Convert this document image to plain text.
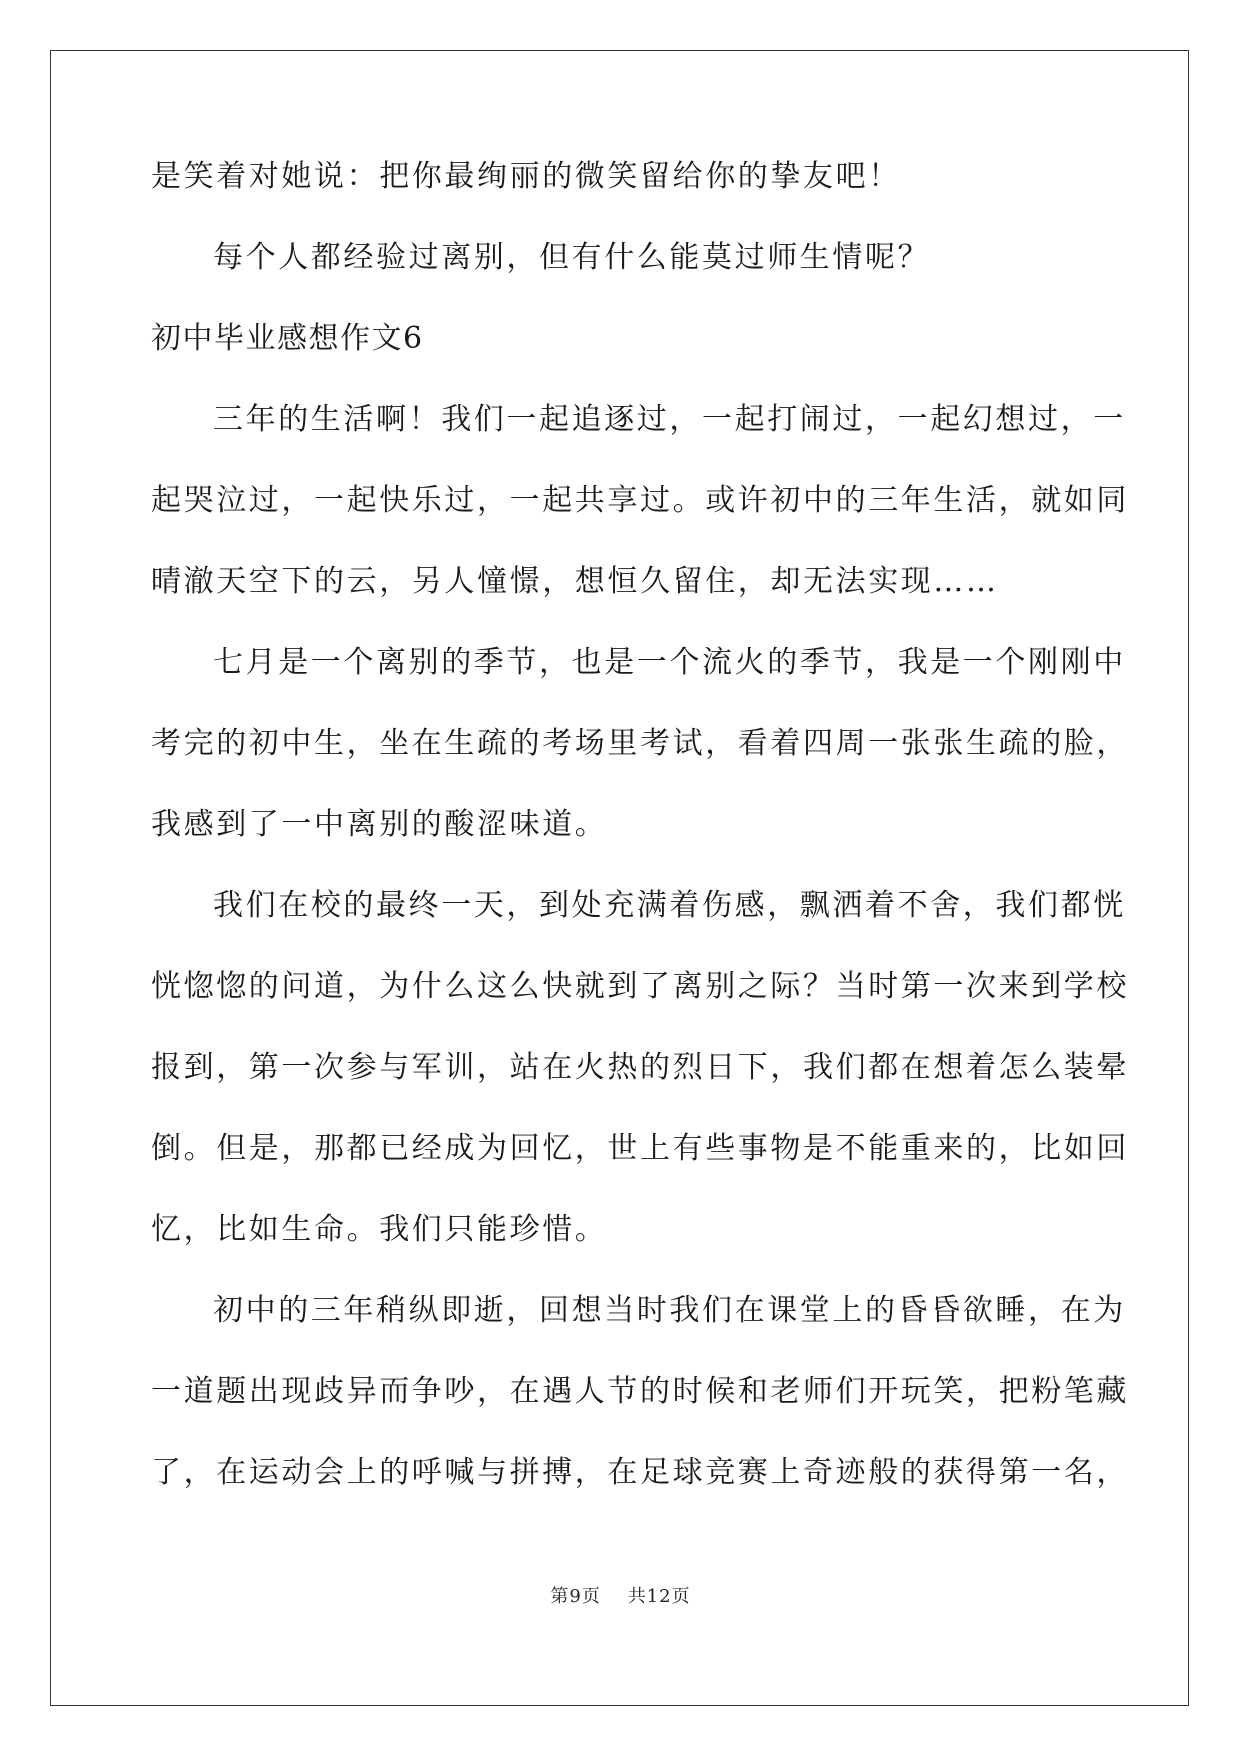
是笑着对她说：把你最绚丽的微笑留给你的挚友吧！
每个人都经验过离别，但有什么能莫过师生情呢？
初中毕业感想作文6
三年的生活啊！我们一起追逐过，一起打闹过，一起幻想过，一
起哭泣过，一起快乐过，一起共享过。或许初中的三年生活，就如同
晴澈天空下的云，另人憧憬，想恒久留住，却无法实现……
七月是一个离别的季节，也是一个流火的季节，我是一个刚刚中
考完的初中生，坐在生疏的考场里考试，看着四周一张张生疏的脸，
我感到了一中离别的酸涩味道。
我们在校的最终一天，到处充满着伤感，飘洒着不舍，我们都恍
恍惚惚的问道，为什么这么快就到了离别之际？当时第一次来到学校
报到，第一次参与军训，站在火热的烈日下，我们都在想着怎么装晕
倒。但是，那都已经成为回忆，世上有些事物是不能重来的，比如回
忆，比如生命。我们只能珍惜。
初中的三年稍纵即逝，回想当时我们在课堂上的昏昏欲睡，在为
一道题出现歧异而争吵，在遇人节的时候和老师们开玩笑，把粉笔藏
了，在运动会上的呼喊与拼搏，在足球竞赛上奇迹般的获得第一名，
第9页 共12页
